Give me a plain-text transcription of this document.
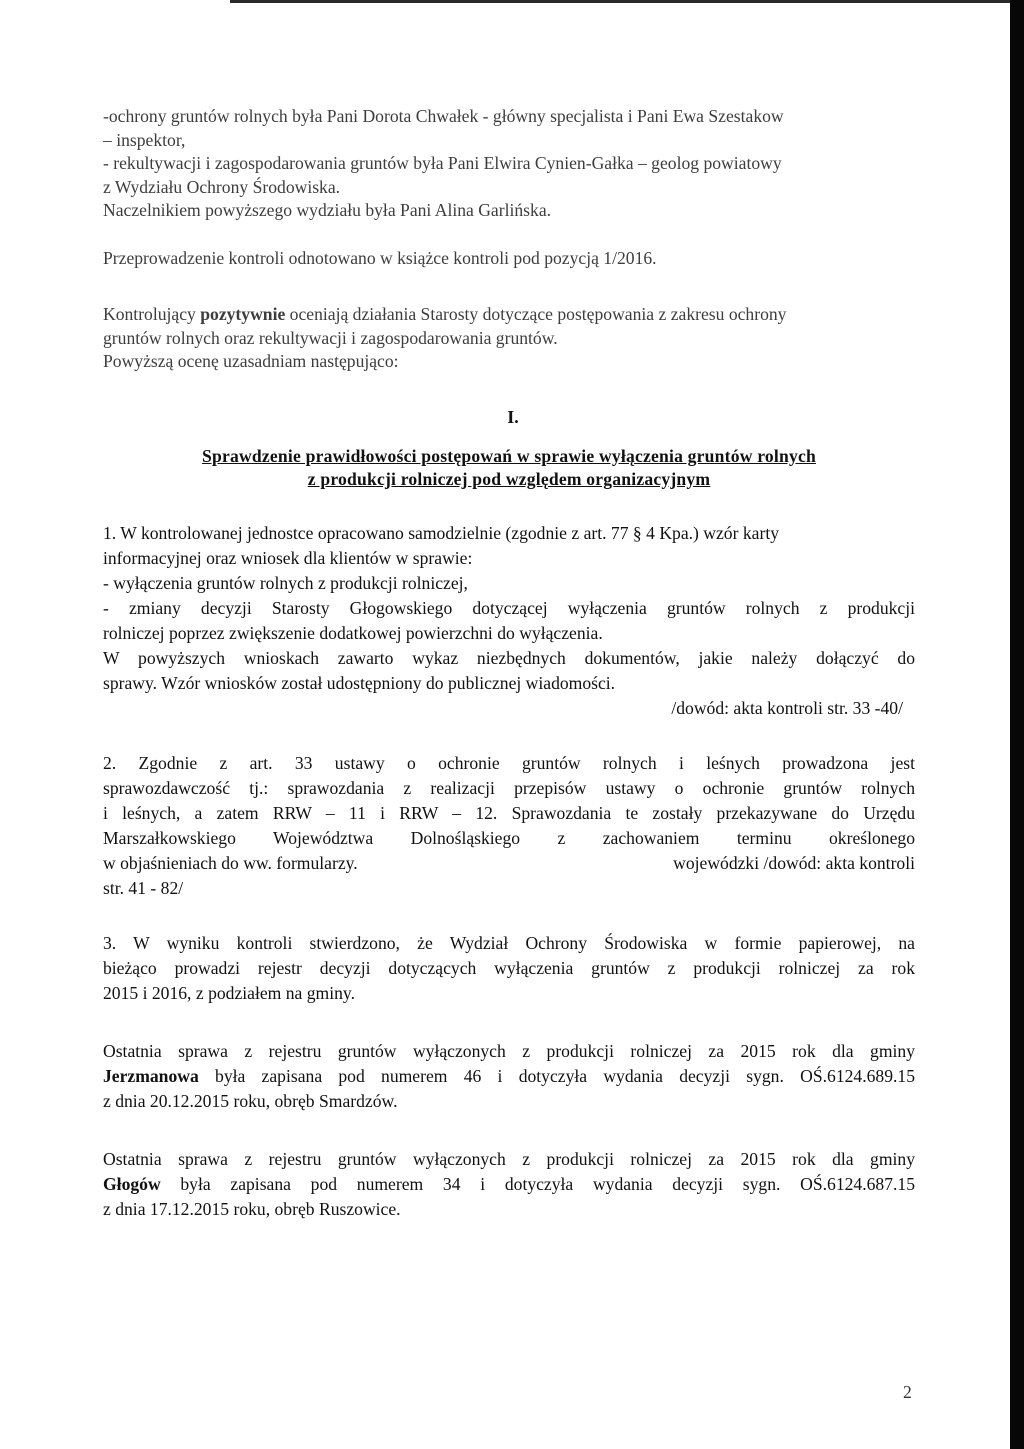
-ochrony gruntów rolnych była Pani Dorota Chwałek - główny specjalista i Pani Ewa Szestakow
– inspektor,
- rekultywacji i zagospodarowania gruntów była Pani Elwira Cynien-Gałka – geolog powiatowy
z Wydziału Ochrony Środowiska.
Naczelnikiem powyższego wydziału była Pani Alina Garlińska.
Przeprowadzenie kontroli odnotowano w książce kontroli pod pozycją 1/2016.
Kontrolujący pozytywnie oceniają działania Starosty dotyczące postępowania z zakresu ochrony
gruntów rolnych oraz rekultywacji i zagospodarowania gruntów.
Powyższą ocenę uzasadniam następująco:
I.
Sprawdzenie prawidłowości postępowań w sprawie wyłączenia gruntów rolnych
z produkcji rolniczej pod względem organizacyjnym
1. W kontrolowanej jednostce opracowano samodzielnie (zgodnie z art. 77 § 4 Kpa.) wzór karty
informacyjnej oraz wniosek dla klientów w sprawie:
- wyłączenia gruntów rolnych z produkcji rolniczej,
- zmiany decyzji Starosty Głogowskiego dotyczącej wyłączenia gruntów rolnych z produkcji
rolniczej poprzez zwiększenie dodatkowej powierzchni do wyłączenia.
W powyższych wnioskach zawarto wykaz niezbędnych dokumentów, jakie należy dołączyć do
sprawy. Wzór wniosków został udostępniony do publicznej wiadomości.
/dowód: akta kontroli str. 33 -40/
2. Zgodnie z art. 33 ustawy o ochronie gruntów rolnych i leśnych prowadzona jest
sprawozdawczość tj.: sprawozdania z realizacji przepisów ustawy o ochronie gruntów rolnych
i leśnych, a zatem RRW – 11 i RRW – 12. Sprawozdania te zostały przekazywane do Urzędu
Marszałkowskiego Województwa Dolnośląskiego z zachowaniem terminu określonego
w objaśnieniach do ww. formularzy.	wojewódzki /dowód: akta kontroli
str. 41 - 82/
3. W wyniku kontroli stwierdzono, że Wydział Ochrony Środowiska w formie papierowej, na
bieżąco prowadzi rejestr decyzji dotyczących wyłączenia gruntów z produkcji rolniczej za rok
2015 i 2016, z podziałem na gminy.
Ostatnia sprawa z rejestru gruntów wyłączonych z produkcji rolniczej za 2015 rok dla gminy
Jerzmanowa była zapisana pod numerem 46 i dotyczyła wydania decyzji sygn. OŚ.6124.689.15
z dnia 20.12.2015 roku, obręb Smardzów.
Ostatnia sprawa z rejestru gruntów wyłączonych z produkcji rolniczej za 2015 rok dla gminy
Głogów była zapisana pod numerem 34 i dotyczyła wydania decyzji sygn. OŚ.6124.687.15
z dnia 17.12.2015 roku, obręb Ruszowice.
2
